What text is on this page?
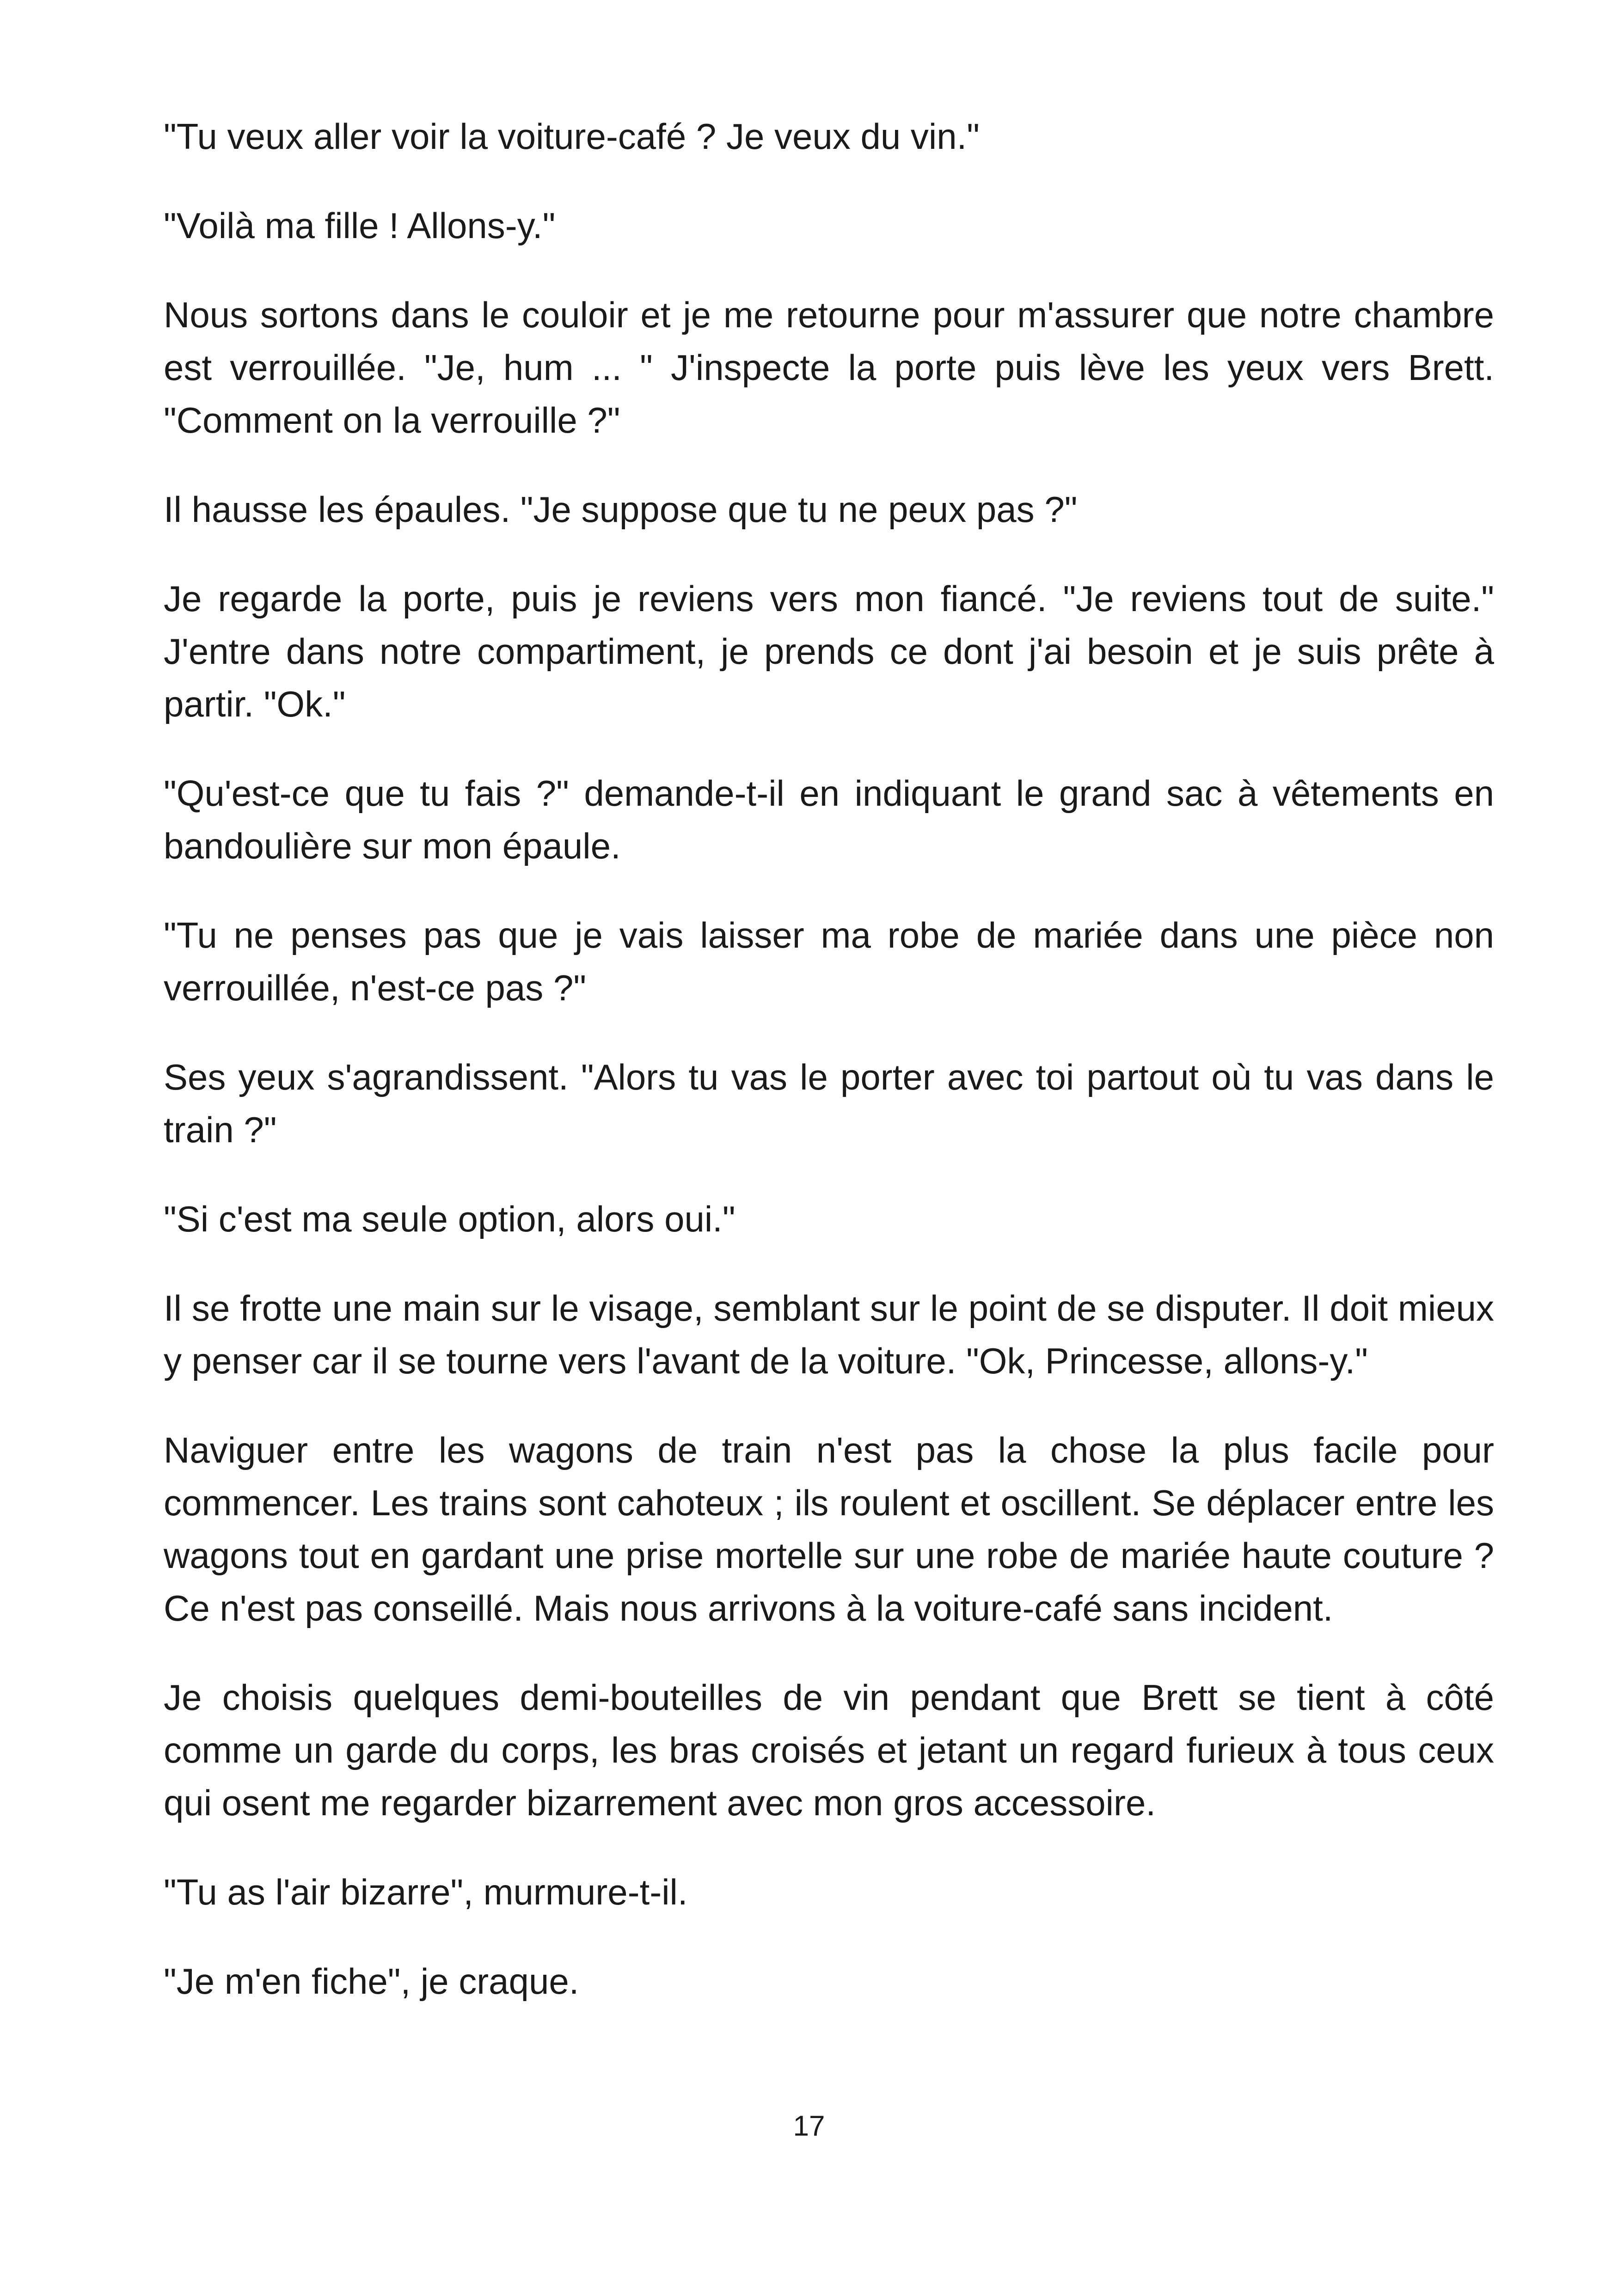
"Tu veux aller voir la voiture-café ? Je veux du vin."

"Voilà ma fille ! Allons-y."

Nous sortons dans le couloir et je me retourne pour m'assurer que notre chambre est verrouillée. "Je, hum ... " J'inspecte la porte puis lève les yeux vers Brett. "Comment on la verrouille ?"

Il hausse les épaules. "Je suppose que tu ne peux pas ?"

Je regarde la porte, puis je reviens vers mon fiancé. "Je reviens tout de suite." J'entre dans notre compartiment, je prends ce dont j'ai besoin et je suis prête à partir. "Ok."

"Qu'est-ce que tu fais ?" demande-t-il en indiquant le grand sac à vêtements en bandoulière sur mon épaule.

"Tu ne penses pas que je vais laisser ma robe de mariée dans une pièce non verrouillée, n'est-ce pas ?"

Ses yeux s'agrandissent. "Alors tu vas le porter avec toi partout où tu vas dans le train ?"

"Si c'est ma seule option, alors oui."

Il se frotte une main sur le visage, semblant sur le point de se disputer. Il doit mieux y penser car il se tourne vers l'avant de la voiture. "Ok, Princesse, allons-y."

Naviguer entre les wagons de train n'est pas la chose la plus facile pour commencer. Les trains sont cahoteux ; ils roulent et oscillent. Se déplacer entre les wagons tout en gardant une prise mortelle sur une robe de mariée haute couture ? Ce n'est pas conseillé. Mais nous arrivons à la voiture-café sans incident.

Je choisis quelques demi-bouteilles de vin pendant que Brett se tient à côté comme un garde du corps, les bras croisés et jetant un regard furieux à tous ceux qui osent me regarder bizarrement avec mon gros accessoire.

"Tu as l'air bizarre", murmure-t-il.

"Je m'en fiche", je craque.

17
